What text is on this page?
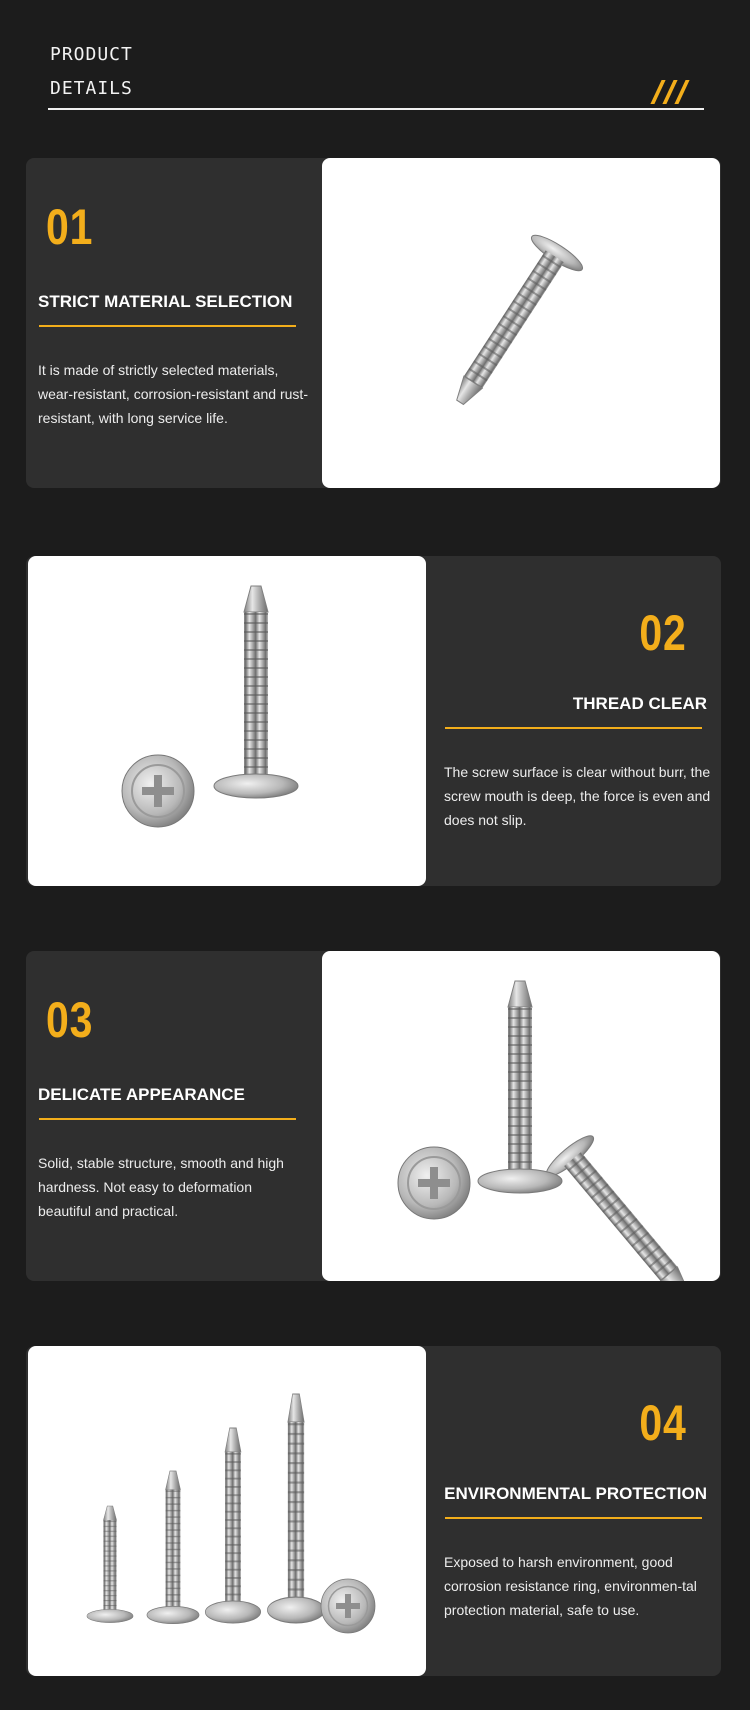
PRODUCT
DETAILS
01
STRICT MATERIAL SELECTION
It is made of strictly selected materials, wear-resistant, corrosion-resistant and rust-resistant, with long service life.
02
THREAD CLEAR
The screw surface is clear without burr, the screw mouth is deep, the force is even and does not slip.
03
DELICATE APPEARANCE
Solid, stable structure, smooth and high hardness. Not easy to deformation beautiful and practical.
04
ENVIRONMENTAL PROTECTION
Exposed to harsh environment, good corrosion resistance ring, environmen-tal protection material, safe to use.
